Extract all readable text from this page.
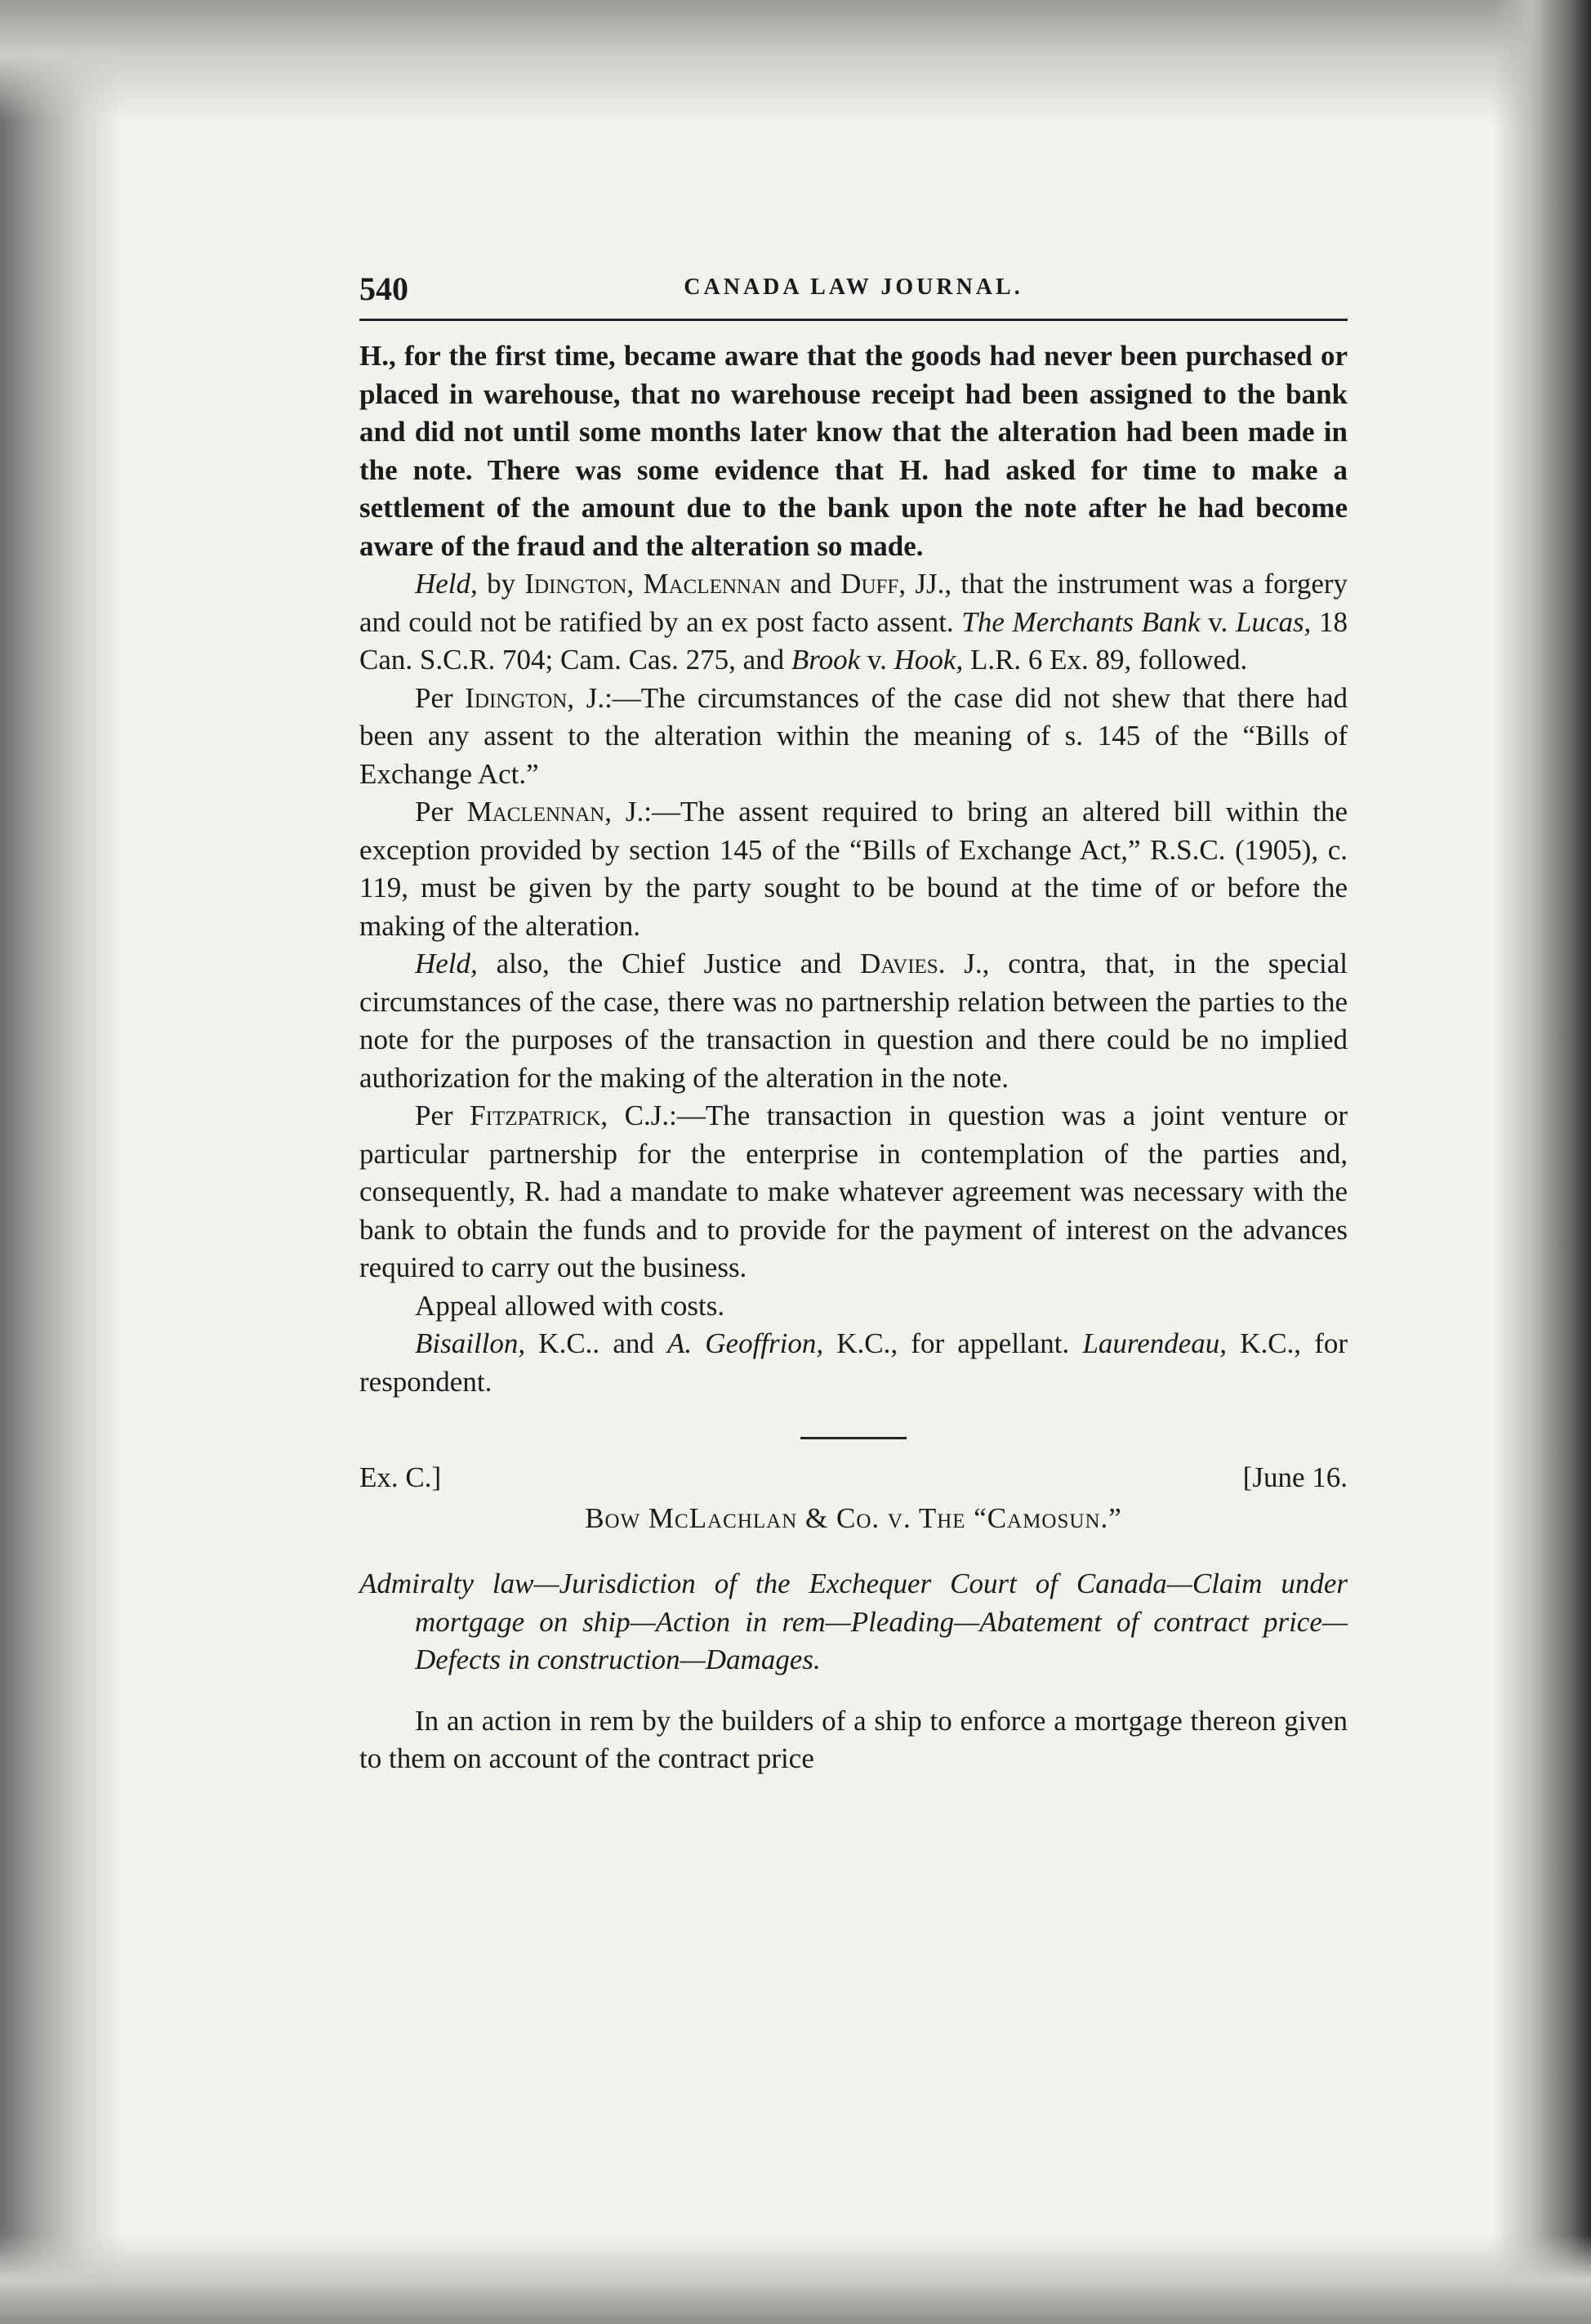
540	CANADA LAW JOURNAL.

H., for the first time, became aware that the goods had never been purchased or placed in warehouse, that no warehouse receipt had been assigned to the bank and did not until some months later know that the alteration had been made in the note. There was some evidence that H. had asked for time to make a settlement of the amount due to the bank upon the note after he had become aware of the fraud and the alteration so made.

Held, by Idington, Maclennan and Duff, JJ., that the instrument was a forgery and could not be ratified by an ex post facto assent. The Merchants Bank v. Lucas, 18 Can. S.C.R. 704; Cam. Cas. 275, and Brook v. Hook, L.R. 6 Ex. 89, followed.

Per Idington, J.:—The circumstances of the case did not shew that there had been any assent to the alteration within the meaning of s. 145 of the “Bills of Exchange Act.”

Per Maclennan, J.:—The assent required to bring an altered bill within the exception provided by section 145 of the “Bills of Exchange Act,” R.S.C. (1905), c. 119, must be given by the party sought to be bound at the time of or before the making of the alteration.

Held, also, the Chief Justice and Davies. J., contra, that, in the special circumstances of the case, there was no partnership relation between the parties to the note for the purposes of the transaction in question and there could be no implied authorization for the making of the alteration in the note.

Per Fitzpatrick, C.J.:—The transaction in question was a joint venture or particular partnership for the enterprise in contemplation of the parties and, consequently, R. had a mandate to make whatever agreement was necessary with the bank to obtain the funds and to provide for the payment of interest on the advances required to carry out the business.

Appeal allowed with costs.

Bisaillon, K.C.. and A. Geoffrion, K.C., for appellant. Laurendeau, K.C., for respondent.

Ex. C.]	[June 16.
Bow McLachlan & Co. v. The “Camosun.”
Admiralty law—Jurisdiction of the Exchequer Court of Canada—Claim under mortgage on ship—Action in rem—Pleading—Abatement of contract price—Defects in construction—Damages.

In an action in rem by the builders of a ship to enforce a mortgage thereon given to them on account of the contract price
